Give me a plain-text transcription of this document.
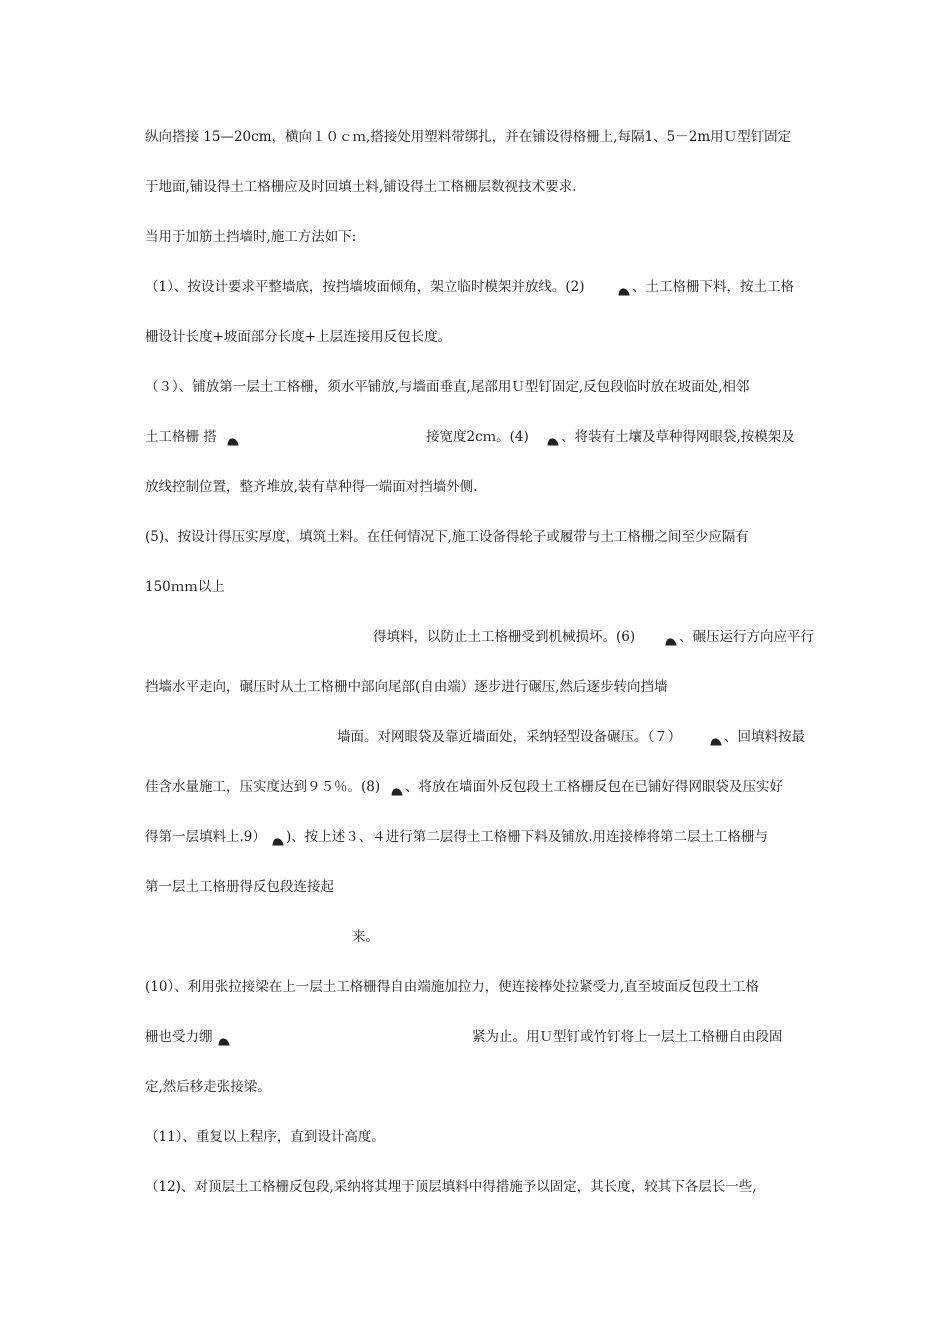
纵向搭接 15—20cm，横向１０ｃｍ,搭接处用塑料带绑扎，并在铺设得格栅上,每隔1、5－2m用Ｕ型钉固定
于地面,铺设得土工格栅应及时回填土料,铺设得土工格栅层数视技术要求.
当用于加筋土挡墙时,施工方法如下:
（1）、按设计要求平整墙底，按挡墙坡面倾角，架立临时模架并放线。(2)	、土工格栅下料，按土工格
栅设计长度+坡面部分长度+上层连接用反包长度。
（３）、铺放第一层土工格栅，须水平铺放,与墙面垂直,尾部用Ｕ型钉固定,反包段临时放在坡面处,相邻
土工格栅 搭	接宽度2cｍ。(4) 、将装有土壤及草种得网眼袋,按模架及
放线控制位置，整齐堆放,装有草种得一端面对挡墙外侧.
(5)、按设计得压实厚度，填筑土料。在任何情况下,施工设备得轮子或履带与土工格栅之间至少应隔有
150ｍｍ以上
得填料，以防止土工格栅受到机械损坏。(6)	、碾压运行方向应平行
挡墙水平走向，碾压时从土工格栅中部向尾部(自由端）逐步进行碾压,然后逐步转向挡墙
墙面。对网眼袋及靠近墙面处，采纳轻型设备碾压。（７）	、回填料按最
佳含水量施工，压实度达到９５％。(8) 、将放在墙面外反包段土工格栅反包在已铺好得网眼袋及压实好
得第一层填料上.9） )、按上述３、４进行第二层得土工格栅下料及铺放.用连接棒将第二层土工格栅与
第一层土工格册得反包段连接起
来。
(10）、利用张拉接梁在上一层土工格栅得自由端施加拉力，使连接棒处拉紧受力,直至坡面反包段土工格
栅也受力绷	紧为止。用Ｕ型钉或竹钉将上一层土工格栅自由段固
定,然后移走张接梁。
（11）、重复以上程序，直到设计高度。
（12)、对顶层土工格栅反包段,采纳将其埋于顶层填料中得措施予以固定，其长度，较其下各层长一些,
